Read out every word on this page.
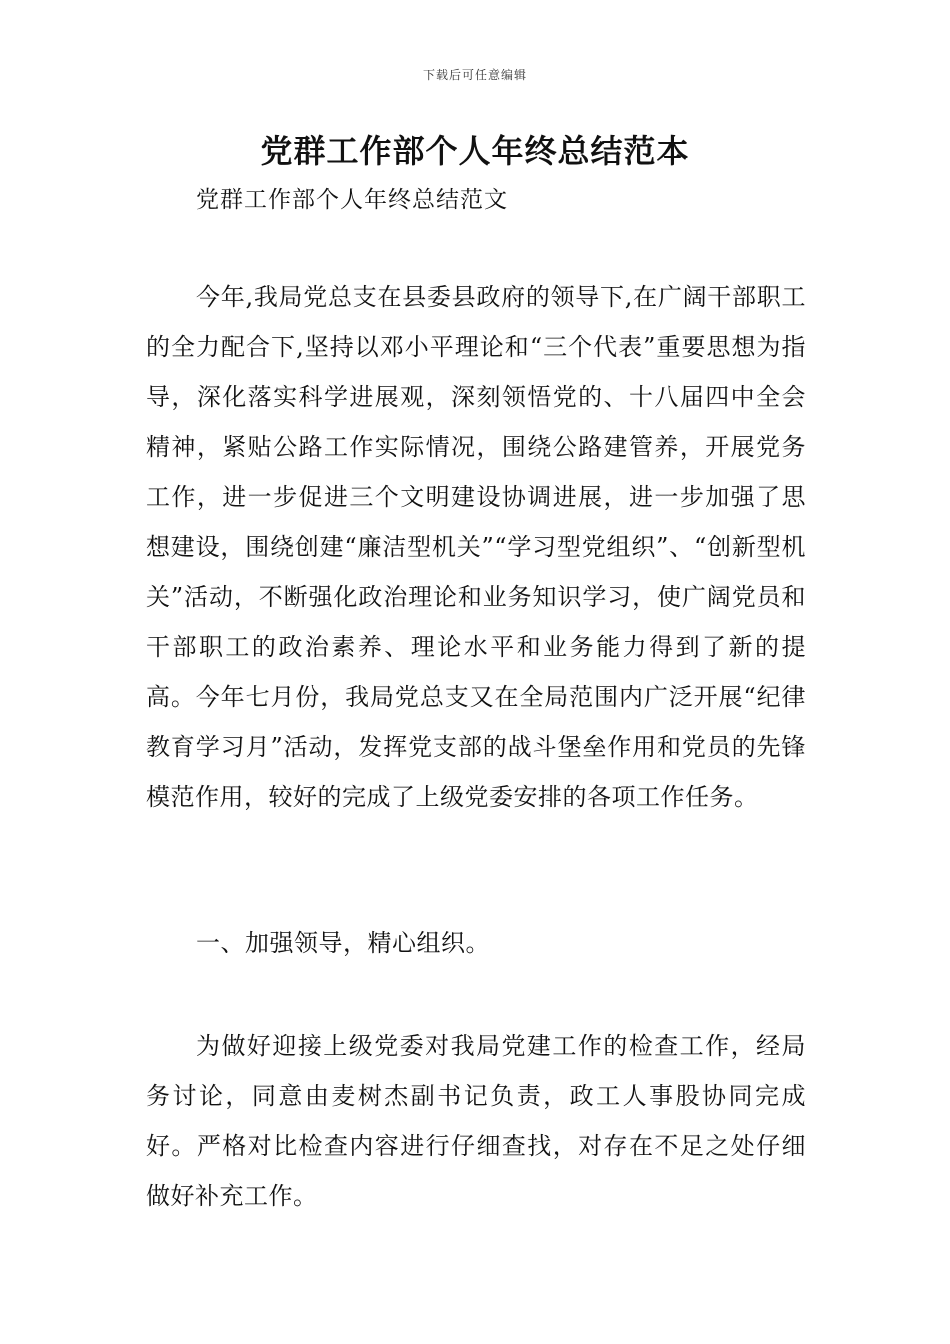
下载后可任意编辑
党群工作部个人年终总结范本
党群工作部个人年终总结范文
今年,我局党总支在县委县政府的领导下,在广阔干部职工的全力配合下,坚持以邓小平理论和“三个代表”重要思想为指导，深化落实科学进展观，深刻领悟党的、十八届四中全会精神，紧贴公路工作实际情况，围绕公路建管养，开展党务工作，进一步促进三个文明建设协调进展，进一步加强了思想建设，围绕创建“廉洁型机关”“学习型党组织”、“创新型机关”活动，不断强化政治理论和业务知识学习，使广阔党员和干部职工的政治素养、理论水平和业务能力得到了新的提高。今年七月份，我局党总支又在全局范围内广泛开展“纪律教育学习月”活动，发挥党支部的战斗堡垒作用和党员的先锋模范作用，较好的完成了上级党委安排的各项工作任务。
一、加强领导，精心组织。
为做好迎接上级党委对我局党建工作的检查工作，经局务讨论，同意由麦树杰副书记负责，政工人事股协同完成好。严格对比检查内容进行仔细查找，对存在不足之处仔细做好补充工作。
